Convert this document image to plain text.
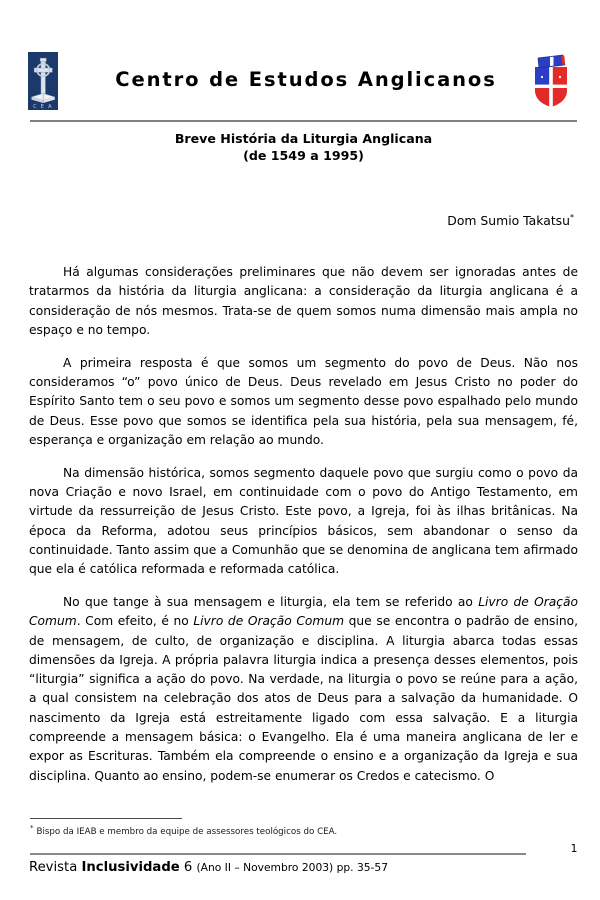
C E A
Centro de Estudos Anglicanos
Breve História da Liturgia Anglicana
(de 1549 a 1995)
Dom Sumio Takatsu*

Há algumas considerações preliminares que não devem ser ignoradas antes de tratarmos da história da liturgia anglicana: a consideração da liturgia anglicana é a consideração de nós mesmos. Trata-se de quem somos numa dimensão mais ampla no espaço e no tempo.

A primeira resposta é que somos um segmento do povo de Deus. Não nos consideramos “o” povo único de Deus. Deus revelado em Jesus Cristo no poder do Espírito Santo tem o seu povo e somos um segmento desse povo espalhado pelo mundo de Deus. Esse povo que somos se identifica pela sua história, pela sua mensagem, fé, esperança e organização em relação ao mundo.

Na dimensão histórica, somos segmento daquele povo que surgiu como o povo da nova Criação e novo Israel, em continuidade com o povo do Antigo Testamento, em virtude da ressurreição de Jesus Cristo. Este povo, a Igreja, foi às ilhas britânicas. Na época da Reforma, adotou seus princípios básicos, sem abandonar o senso da continuidade. Tanto assim que a Comunhão que se denomina de anglicana tem afirmado que ela é católica reformada e reformada católica.

No que tange à sua mensagem e liturgia, ela tem se referido ao Livro de Oração Comum. Com efeito, é no Livro de Oração Comum que se encontra o padrão de ensino, de mensagem, de culto, de organização e disciplina. A liturgia abarca todas essas dimensões da Igreja. A própria palavra liturgia indica a presença desses elementos, pois “liturgia” significa a ação do povo. Na verdade, na liturgia o povo se reúne para a ação, a qual consistem na celebração dos atos de Deus para a salvação da humanidade. O nascimento da Igreja está estreitamente ligado com essa salvação. E a liturgia compreende a mensagem básica: o Evangelho. Ela é uma maneira anglicana de ler e expor as Escrituras. Também ela compreende o ensino e a organização da Igreja e sua disciplina. Quanto ao ensino, podem-se enumerar os Credos e catecismo. O

* Bispo da IEAB e membro da equipe de assessores teológicos do CEA.
1
Revista Inclusividade 6 (Ano II – Novembro 2003) pp. 35-57
